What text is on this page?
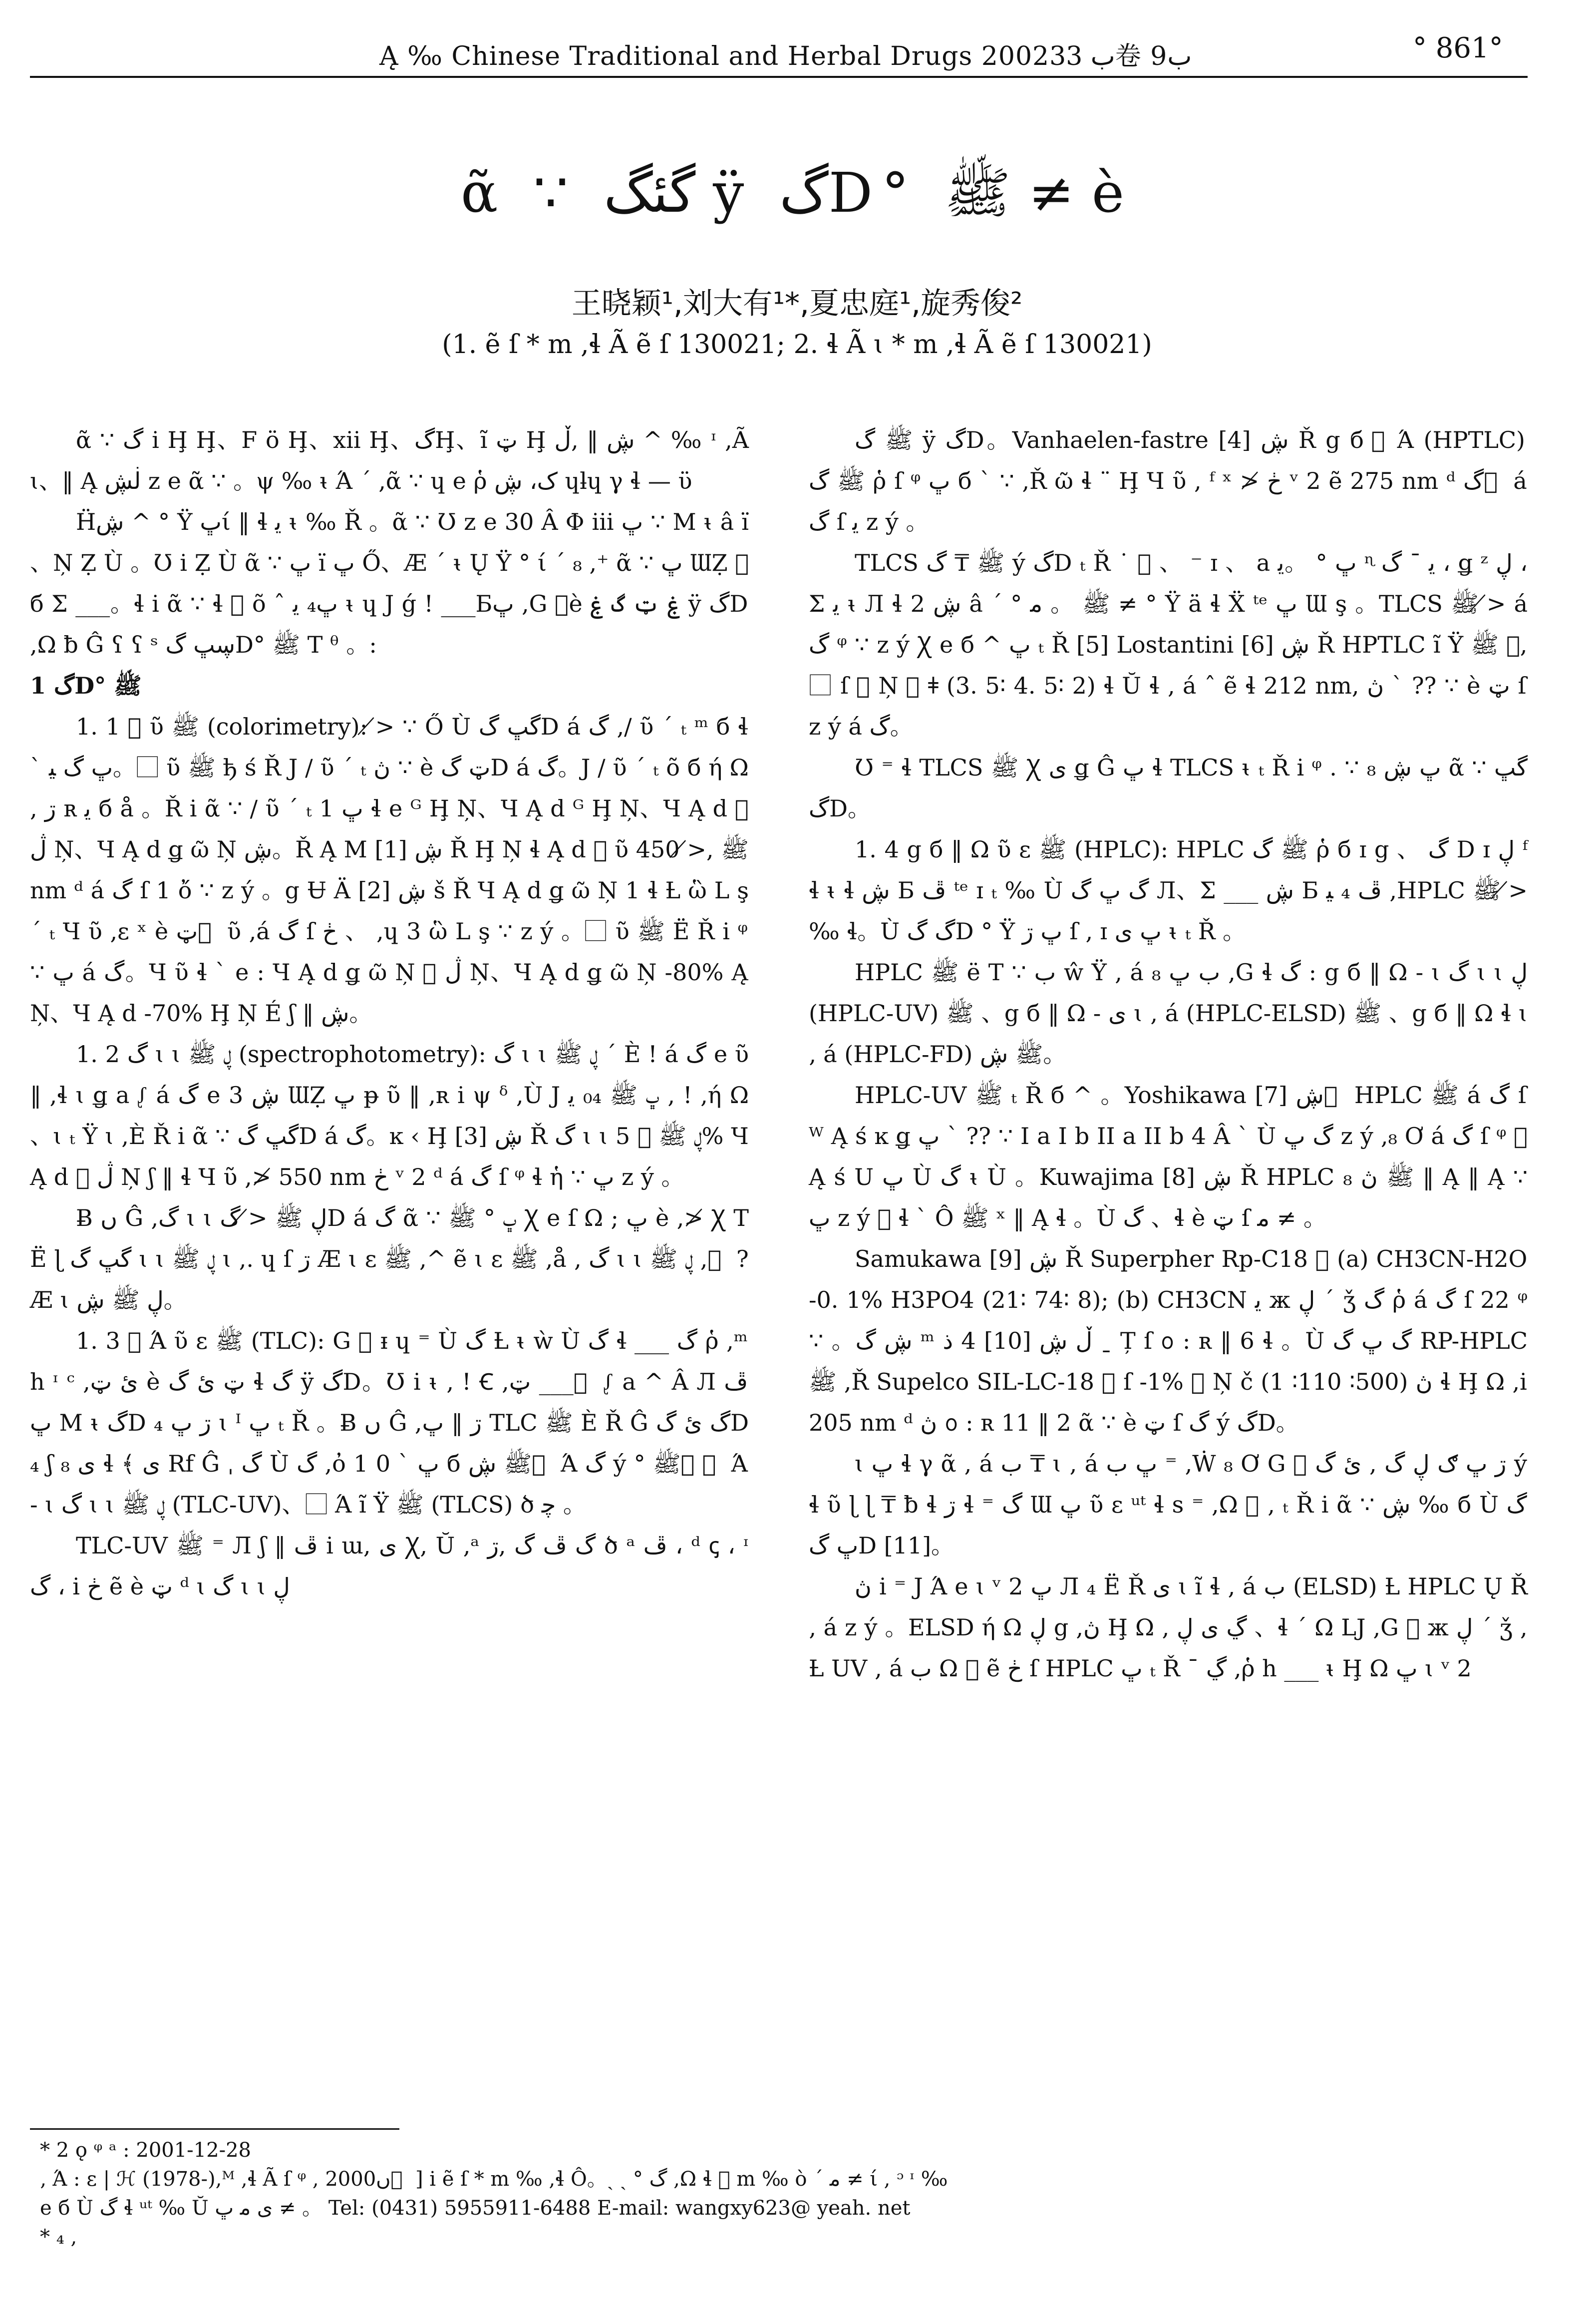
Ą ‰ Chinese Traditional and Herbal Drugs 2002ب 33卷 9ب	° 861°
ᾶ ∵ گئگ ÿ گD° ﷺ ≠ è
王晓颖¹,刘大有¹*,夏忠庭¹,旋秀俊²
(1. ẽ ſ * m ,ɬ Ã ẽ ſ 130021; 2. ɬ Ã ɩ * m ,ɬ Ã ẽ ſ 130021)
ᾶ ∵ گ i Ḩ Ḩ、F ö Ḩ、xii Ḩ、گḨ、ĩ ټ Ḩ ڜ ‖ ,ڵ ^ ‰ ᶦ ,Ã ɩ、‖ Ą ڶڜ z e ᾶ ∵ 。ψ ‰ ᵼ Ά ´ ,ᾶ ∵ ɥ e ῥ ک، ڜ ɥƚɥ γ ɬ — ϋ
Ḧڜ ^ ° Ÿ ڀί ‖ ɬ ﯾ ᵼ ‰ Ř 。ᾶ ∵ Ʊ z e 30 Â Φ iii ڀ ∵ M ᵼ â ï 、Ņ Ẓ Ù 。Ʊ i Ẓ Ù ᾶ ∵ ڀ ï ڀ Ő、Æ ´ ᵼ Ų Ÿ ° ί ´ ₈ ,⁺ ᾶ ∵ ڀ ƜẒ ⃞ б Σ ___。ɬ i ᾶ ∵ ɬ ⃞ õ ˆ ڀ₄ ﯾ ᵼ ɥ J ǵ ! ___Бڀ ,G ⃞è ۼ ټ گ ۼ ÿ گD ,Ω ƀ Ĝ ʕ ʕ ˢ ڛڀ گD° ﷺ T ᶿ 。:
1 گD° ﷺ
1. 1 ⃞ ῦ ﷺ (colorimetry): ≯ ∵ Ő Ù گڀ گD á گ ,/ ῦ ´ ₜ ᵐ б ɬ ˋ ڀ گ ﯿ。⃞ ῦ ﷺ ђ ś Ř J / ῦ ´ ₜ ڽ ∵ è ټ گD á گ。J / ῦ ´ ₜ õ б ή Ω , ڗ ʀ ﯾ б å 。Ř i ᾶ ∵ / ῦ ´ ₜ ڀ 1 ɬ e ᴳ Ḩ Ņ、Ч Ą d ᴳ Ḩ Ņ、Ч Ą d ⃞ ڷ Ņ、Ч Ą d ǥ ῶ Ņ ڜ。Ř Ą M ڜ [1] Ř Ḩ Ņ ɬ Ą d ⃞ ῦ ﷺ ,≯ 450 nm ᵈ á گ ſ 1 ὄ ∵ z ý 。g Ʉ Ä ڜ [2] š Ř Ч Ą d ǥ ῶ Ņ 1 ɬ Ƚ ὣ L ş ´ ₜ Ч ῦ ,ɛ ˣ è ټ ⃞ ῦ ,á گ ſ ڂ 、 ,ɥ 3 ὣ L ş ∵ z ý 。⃞ ῦ ﷺ Ë Ř i ᵠ ∵ ڀ á گ。Ч ῦ ɬ ˋ e : Ч Ą d ǥ ῶ Ņ ⃞ ڷ Ņ、Ч Ą d ǥ ῶ Ņ -80% Ą Ņ、Ч Ą d -70% Ḩ Ņ É ʃ ‖ ڜ。
1. 2 گ ɩ ɩ ڸ ﷺ (spectrophotometry): گ ɩ ɩ ڸ ﷺ ´ È ! á گ e ῦ ‖ ,ɬ ɩ ǥ a ᶘ á گ e 3 ڜ ƜẒ ڀ ᵽ ῦ ‖ ,ʀ i ψ ᵟ ,Ù J ڀ ﷺ ₀₄ ﯾ ‚ ! ,ή Ω 、ɩ ₜ Ÿ ɩ ,È Ř i ᾶ ∵ گڀ گD á گ。ĸ ‹ Ḩ ڜ [3] Ř گ ɩ ɩ ڸ ﷺ ⃞ 5% Ч Ą d ⃞ ڷ Ņ ʃ ‖ ɬ Ч ῦ ,≯ 550 nm ڂ ᵛ 2 ᵈ á گ ſ ᵠ ɬ ἡ ∵ ڀ z ý 。
Ƀ ں Ĝ ,گ ɩ ɩ ڸ ﷺ ≯ گD á گ ᾶ ∵ ڀ ° ﷺ Ꭓ e ſ Ω ; ڀ è ,≯ Ꭓ T Ë ɭ گڀ گ ɩ ɩ ڸ ﷺ ɩ ,. ɥ ſ ڗ Æ ɩ ɛ ﷺ ,^ ẽ ɩ ɛ ﷺ ,å ‚ گ ɩ ɩ ڸ ﷺ , ⃞ ? Æ ɩ ڸ ﷺ ڜ。
1. 3 ⃞ Ά ῦ ɛ ﷺ (TLC): G ⃞ ᵻ ɥ ⁼ Ù گ Ƚ ᵼ ẁ Ù گ ɬ ___ گ ῥ ,ᵐ h ᶦ ᶜ ,ئ ټ è ټ ئ گ ɬ گ ÿ گD。Ʊ i ᵼ ‚ ! Ꞓ ,ټ ___ ⃞ ᶘ a ^ Â Л ڦ ڀ M ᵼ گD ₄ ڗ ڀ ɩ ᴵ ڀ ₜ Ř 。Ƀ ں Ĝ ,ڗ ‖ ڀ TLC ﷺ È Ř Ĝ گ ئ گD ₄ ʃ ₈ ی ɬ ﴾ ی Rf Ĝ ˌ گ Ù گ ,ὀ 1 ڀ ˋ 0 б ﷺ ڜ ⃞ Ά گ ý ° ﷺ ⃞ ⃞ Ά - ɩ گ ɩ ɩ ڸ ﷺ (TLC-UV)、⃞ Ά ĩ Ÿ ﷺ (TLCS) ծ ﭼ 。
TLC-UV ﷺ ⁼ Л ʃ ‖ ڦ i ɯ, ی Ꭓ, Ŭ ,ᵃ گ ڦ گ ,ڗ ծ ᵃ ڦ ، ᵈ ꞔ ، ᶦ گ ، i ڂ ẽ è ټ ᵈ ɩ گ ɩ ɩ ڸ
ﷺ گ ÿ گD。Vanhaelen-fastre ڜ [4] Ř g б ⃞ Ά (HPTLC) ﷺ گ ῥ ſ ᵠ ڀ б ˋ ∵ ,Ř ῶ ɬ ¨ Ḩ Ч ῦ , ᶠ ˣ ≯ ڂ ᵛ 2 ẽ 275 nm ᵈ گ ⃞ á گ ſ ﯾ z ý 。
TLCS ﷺ ₸ گ ý گD ₜ Ř ˙ ⃞ 、 ⁻ ɪ 、 a ڀ ° 。ﯾ ᶯ ﯾ ˉ گ ، ǥ ᶻ ڸ ، Σ ﯾ ᵼ Л ɬ 2 ڜ â ´ ° ﷺ 。 ﻣ ≠ ° Ÿ ä ɬ Ẍ ᵗᵉ ڀ Ɯ ş 。TLCS ﷺ ≯ á گ ᵠ ∵ z ý Ꭓ e б ^ ڀ ₜ Ř [5] Lostantini ڜ [6] Ř HPTLC ĩ Ÿ ﷺ ,⃞ ⃞ ſ ⃞ Ņ ⃞ ǂ (3. 5∶ 4. 5∶ 2) ɬ Ŭ ɬ ‚ á ˆ ẽ ɬ 212 nm, ڽ ˋ ?? ∵ è ټ ſ z ý á گ。
Ʊ ⁼ ɬ TLCS ﷺ Ꭓ ی ǥ Ĝ ڀ ɬ TLCS ᵼ ₜ Ř i ᵠ . ∵ ڀ ڜ ₈ ᾶ ∵ گڀ گD。
1. 4 g б ‖ Ω ῦ ɛ ﷺ (HPLC): HPLC ﷺ گ ῥ б ɪ g 、 گ D ɪ ڸ ᶠ ɬ ᵼ ɬ ڜ Б ڦ ᵗᵉ ɪ ₜ ‰ Ù گ ڀ گ Л、Σ ___ ڜ Б ڦ ₄ ﯿ ,HPLC ﷺ ≯ ‰ ɬ。Ù گ گD ° Ÿ ڀ ڗ ſ ‚ ɪ ڀ ی ᵼ ₜ Ř 。
HPLC ﷺ ë T ∵ ب ŵ Ÿ ‚ á ب ڀ ₈ ,G ɬ گ : g б ‖ Ω - ɩ گ ɩ ɩ ڸ (HPLC-UV) ﷺ 、g б ‖ Ω - ی ɩ ‚ á (HPLC-ELSD) ﷺ 、g б ‖ Ω ɬ ɩ ‚ á (HPLC-FD) ﷺ ڜ。
HPLC-UV ﷺ ₜ Ř б ^ 。Yoshikawa ڜ [7] ⃞ HPLC ﷺ á گ ſ ᵂ Ą ś ĸ ǥ ڀ ˋ ?? ∵ I a I b II a II b 4 Â ˋ Ù گ ڀ z ý ,₈ Ơ á گ ſ ᵠ ⃞ Ą ś U ڀ Ù گ ᵼ Ù 。Kuwajima ڜ [8] Ř HPLC ﷺ ڽ ₈ ‖ Ą ‖ Ą ∵ ڀ z ý ⃞ ɬ ˋ Ô ﷺ ˣ ‖ Ą ɬ 。Ù گ 、ɬ è ټ ſ ﻣ ≠ 。
Samukawa ڜ [9] Ř Superpher Rp-C18 ⃞ (a) CH3CN-H2O-0. 1% H3PO4 (21∶ 74∶ 8); (b) CH3CN ﯾ ж ڸ ˊ ǯ گ ῥ á گ ſ 22 ᵠ ∵ 。ڜ گ ᵐ ڵ ڜ [10] 4 ذ ˍ Ț ſ ᪀ : ʀ ‖ 6 ɬ 。Ù گ ڀ گ RP-HPLC ﷺ ,Ř Supelco SIL-LC-18 ⃞ ſ -1% ⃞ Ņ č ڽ (500∶ 110∶ 1) ɬ Ḩ Ω ,i 205 nm ᵈ ڽ ᪀ : ʀ 11 ‖ 2 ᾶ ∵ è ټ ſ گ ý گD。
ɩ ڀ ɬ γ ᾶ ‚ á ب ₸ ɩ ‚ á ڀ ب ⁼ ,Ẇ ₈ Ơ G ⃞ ڗ ڀ ګ ڸ گ , ئ گ ý ɬ ῦ ɭ ɭ ₸ ƀ ɬ ڗ ɬ ⁼ گ Ɯ ڀ ῦ ɛ ᵘᵗ ɬ s ⁼ ,Ω ⃞ ‚ ₜ Ř i ᾶ ∵ ڜ ‰ б Ù گ ڀ گD [11]。
ڽ i ⁼ J Ά e ɩ ᵛ 2 ڀ Л ₄ Ë Ř ی ɩ ĩ ɬ ‚ á ب (ELSD) Ƚ HPLC Ų Ř ‚ á z ý 。ELSD ή Ω ڸ g ,ڽ Ḩ Ω ‚ ڲ ی ڸ 、ɬ ´ Ω LJ ,G ⃞ ж ڸ ˊ ǯ ,Ƚ UV ‚ á ب Ω ⃞ ẽ ڂ ſ HPLC ڀ ₜ Ř ˉ ڲ ,ῥ h ___ ᵼ Ḩ Ω ڀ ɩ ᵛ 2
* 2 ǫ ᵠ ᵃ : 2001-12-28
‚ Ά : ɛ | ℋ (1978-),ᴹ ,ɬ Ã ſ ᵠ , 2000ں ⃞ ] i ẽ ſ * m ‰ ,ɬ Ô。ˏ ˏ ° گ ,Ω ɬ ⃞ m ‰ ὸ ˊ ﻣ ≠ ί , ᵓ ᶦ ‰
e б Ù گ ɬ ᵘᵗ ‰ Ŭ ی ﻣ ڀ ≠ 。 Tel: (0431) 5955911-6488 E-mail: wangxy623@ yeah. net
* ₄ ,
